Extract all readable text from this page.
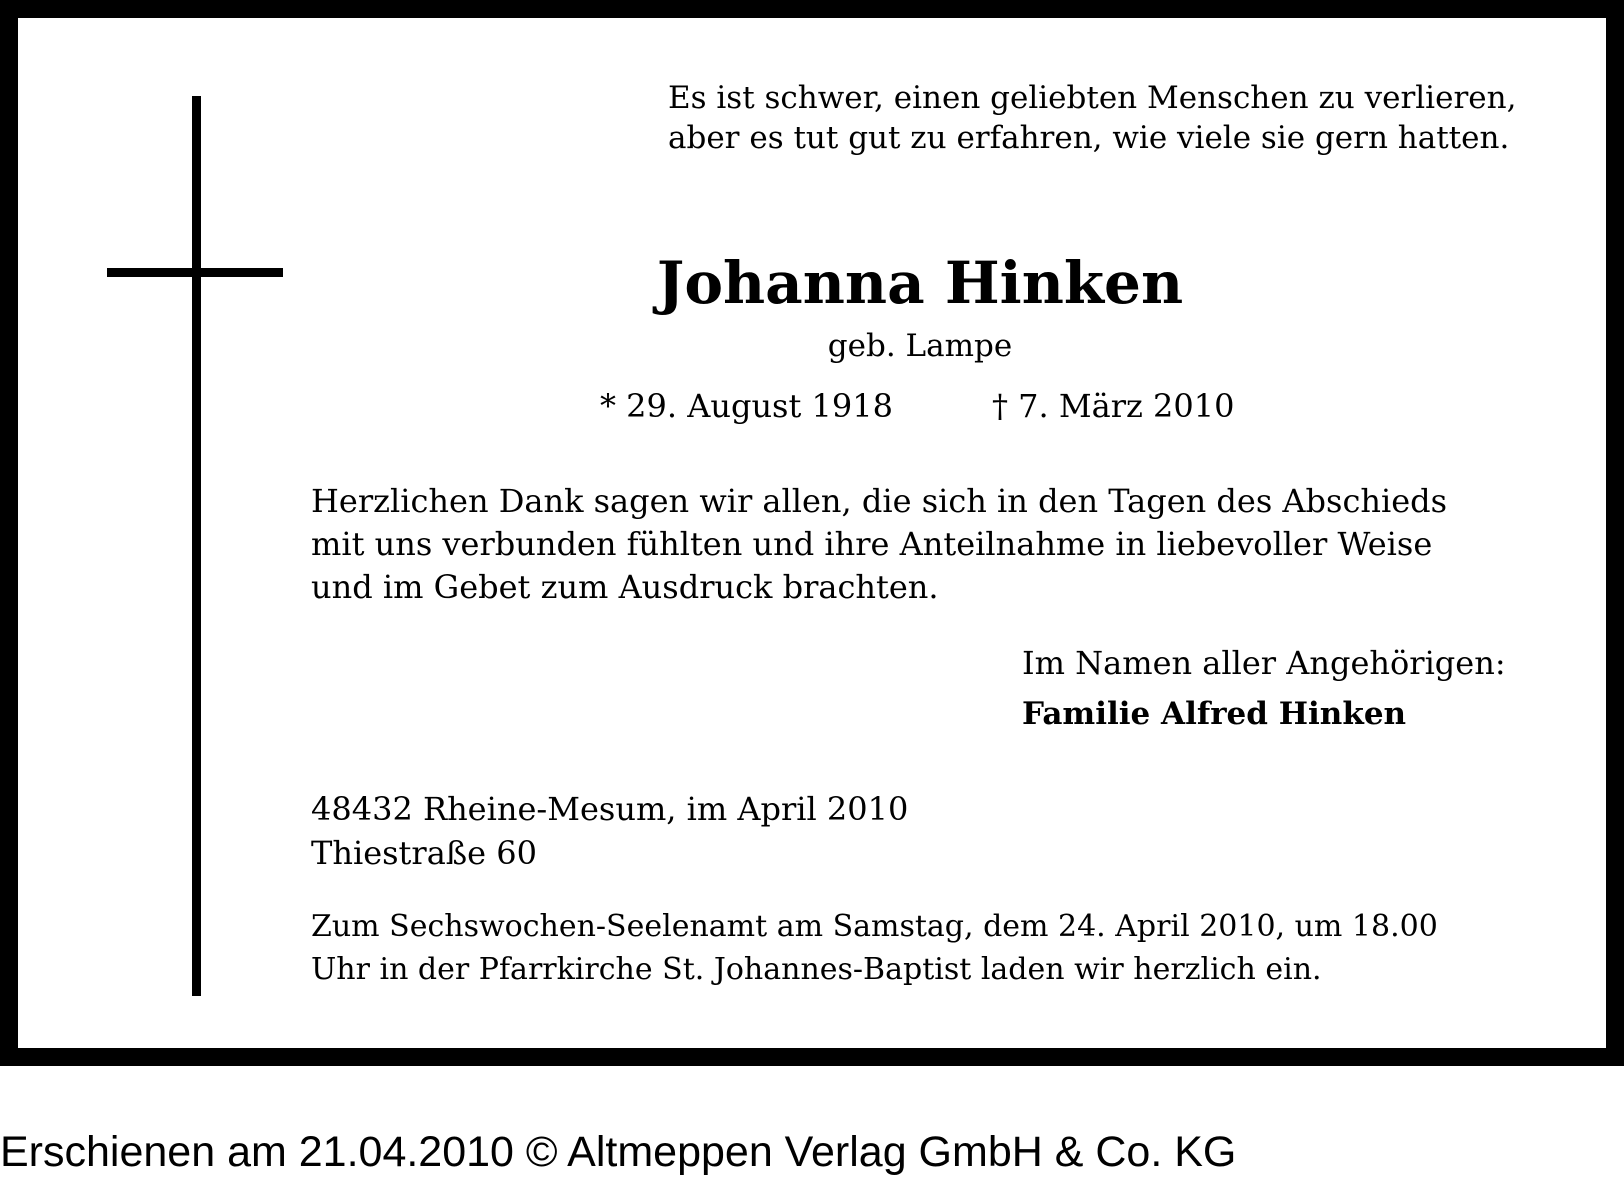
Es ist schwer, einen geliebten Menschen zu verlieren,
aber es tut gut zu erfahren, wie viele sie gern hatten.
Johanna Hinken
geb. Lampe
* 29. August 1918	† 7. März 2010
Herzlichen Dank sagen wir allen, die sich in den Tagen des Abschieds
mit uns verbunden fühlten und ihre Anteilnahme in liebevoller Weise
und im Gebet zum Ausdruck brachten.
Im Namen aller Angehörigen:
Familie Alfred Hinken
48432 Rheine-Mesum, im April 2010
Thiestraße 60
Zum Sechswochen-Seelenamt am Samstag, dem 24. April 2010, um 18.00
Uhr in der Pfarrkirche St. Johannes-Baptist laden wir herzlich ein.
Erschienen am 21.04.2010 © Altmeppen Verlag GmbH & Co. KG
